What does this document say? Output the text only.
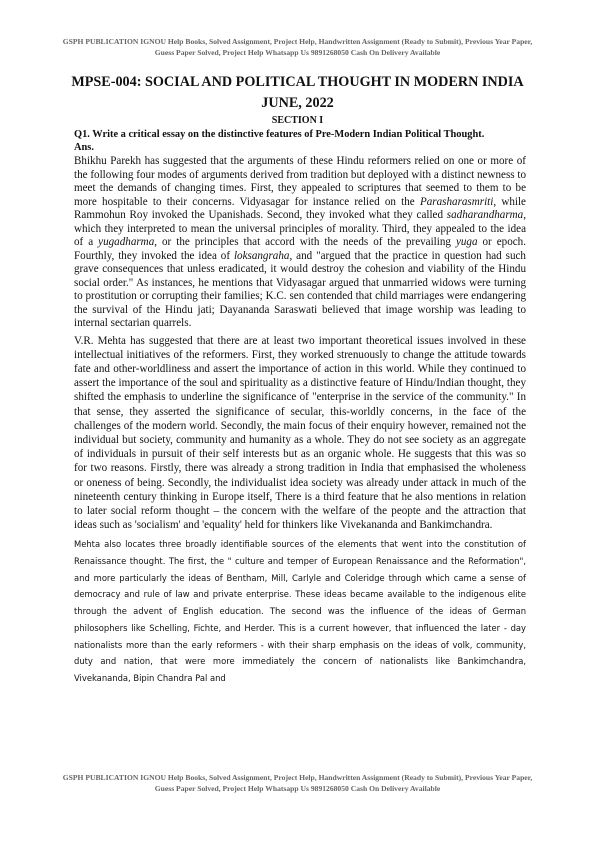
GSPH PUBLICATION IGNOU Help Books, Solved Assignment, Project Help, Handwritten Assignment (Ready to Submit), Previous Year Paper, Guess Paper Solved, Project Help Whatsapp Us 9891268050 Cash On Delivery Available
MPSE-004: SOCIAL AND POLITICAL THOUGHT IN MODERN INDIA
JUNE, 2022
SECTION I

Q1. Write a critical essay on the distinctive features of Pre-Modern Indian Political Thought.

Ans.

Bhikhu Parekh has suggested that the arguments of these Hindu reformers relied on one or more of the following four modes of arguments derived from tradition but deployed with a distinct newness to meet the demands of changing times. First, they appealed to scriptures that seemed to them to be more hospitable to their concerns. Vidyasagar for instance relied on the Parasharasmriti, while Rammohun Roy invoked the Upanishads. Second, they invoked what they called sadharandharma, which they interpreted to mean the universal principles of morality. Third, they appealed to the idea of a yugadharma, or the principles that accord with the needs of the prevailing yuga or epoch. Fourthly, they invoked the idea of loksangraha, and "argued that the practice in question had such grave consequences that unless eradicated, it would destroy the cohesion and viability of the Hindu social order." As instances, he mentions that Vidyasagar argued that unmarried widows were turning to prostitution or corrupting their families; K.C. sen contended that child marriages were endangering the survival of the Hindu jati; Dayananda Saraswati believed that image worship was leading to internal sectarian quarrels.

V.R. Mehta has suggested that there are at least two important theoretical issues involved in these intellectual initiatives of the reformers. First, they worked strenuously to change the attitude towards fate and other-worldliness and assert the importance of action in this world. While they continued to assert the importance of the soul and spirituality as a distinctive feature of Hindu/Indian thought, they shifted the emphasis to underline the significance of "enterprise in the service of the community." In that sense, they asserted the significance of secular, this-worldly concerns, in the face of the challenges of the modern world. Secondly, the main focus of their enquiry however, remained not the individual but society, community and humanity as a whole. They do not see society as an aggregate of individuals in pursuit of their self interests but as an organic whole. He suggests that this was so for two reasons. Firstly, there was already a strong tradition in India that emphasised the wholeness or oneness of being. Secondly, the individualist idea society was already under attack in much of the nineteenth century thinking in Europe itself, There is a third feature that he also mentions in relation to later social reform thought – the concern with the welfare of the peopte and the attraction that ideas such as 'socialism' and 'equality' held for thinkers like Vivekananda and Bankimchandra.

Mehta also locates three broadly identifiable sources of the elements that went into the constitution of Renaissance thought. The first, the " culture and temper of European Renaissance and the Reformation", and more particularly the ideas of Bentham, Mill, Carlyle and Coleridge through which came a sense of democracy and rule of law and private enterprise. These ideas became available to the indigenous elite through the advent of English education. The second was the influence of the ideas of German philosophers like Schelling, Fichte, and Herder. This is a current however, that influenced the later - day nationalists more than the early reformers - with their sharp emphasis on the ideas of volk, community, duty and nation, that were more immediately the concern of nationalists like Bankimchandra, Vivekananda, Bipin Chandra Pal and

GSPH PUBLICATION IGNOU Help Books, Solved Assignment, Project Help, Handwritten Assignment (Ready to Submit), Previous Year Paper, Guess Paper Solved, Project Help Whatsapp Us 9891268050 Cash On Delivery Available
